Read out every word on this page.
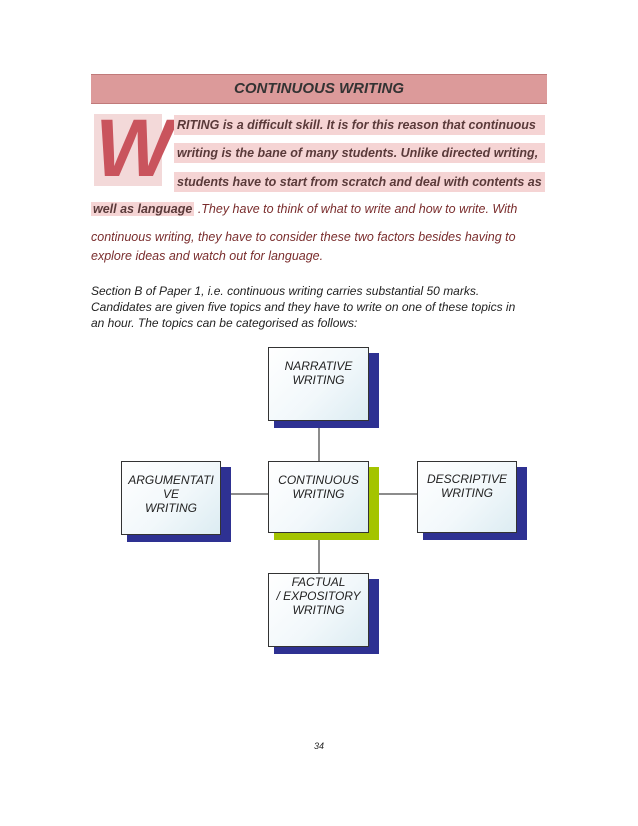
CONTINUOUS WRITING
W RITING is a difficult skill. It is for this reason that continuous
writing is the bane of many students. Unlike directed writing,
students have to start from scratch and deal with contents as
well as language .They have to think of what to write and how to write. With
continuous writing, they have to consider these two factors besides having to
explore ideas and watch out for language.
Section B of Paper 1, i.e. continuous writing carries substantial 50 marks.
Candidates are given five topics and they have to write on one of these topics in
an hour. The topics can be categorised as follows:
NARRATIVE
WRITING
CONTINUOUS
WRITING
ARGUMENTATI
VE
WRITING
DESCRIPTIVE
WRITING
FACTUAL
/ EXPOSITORY
WRITING
34
